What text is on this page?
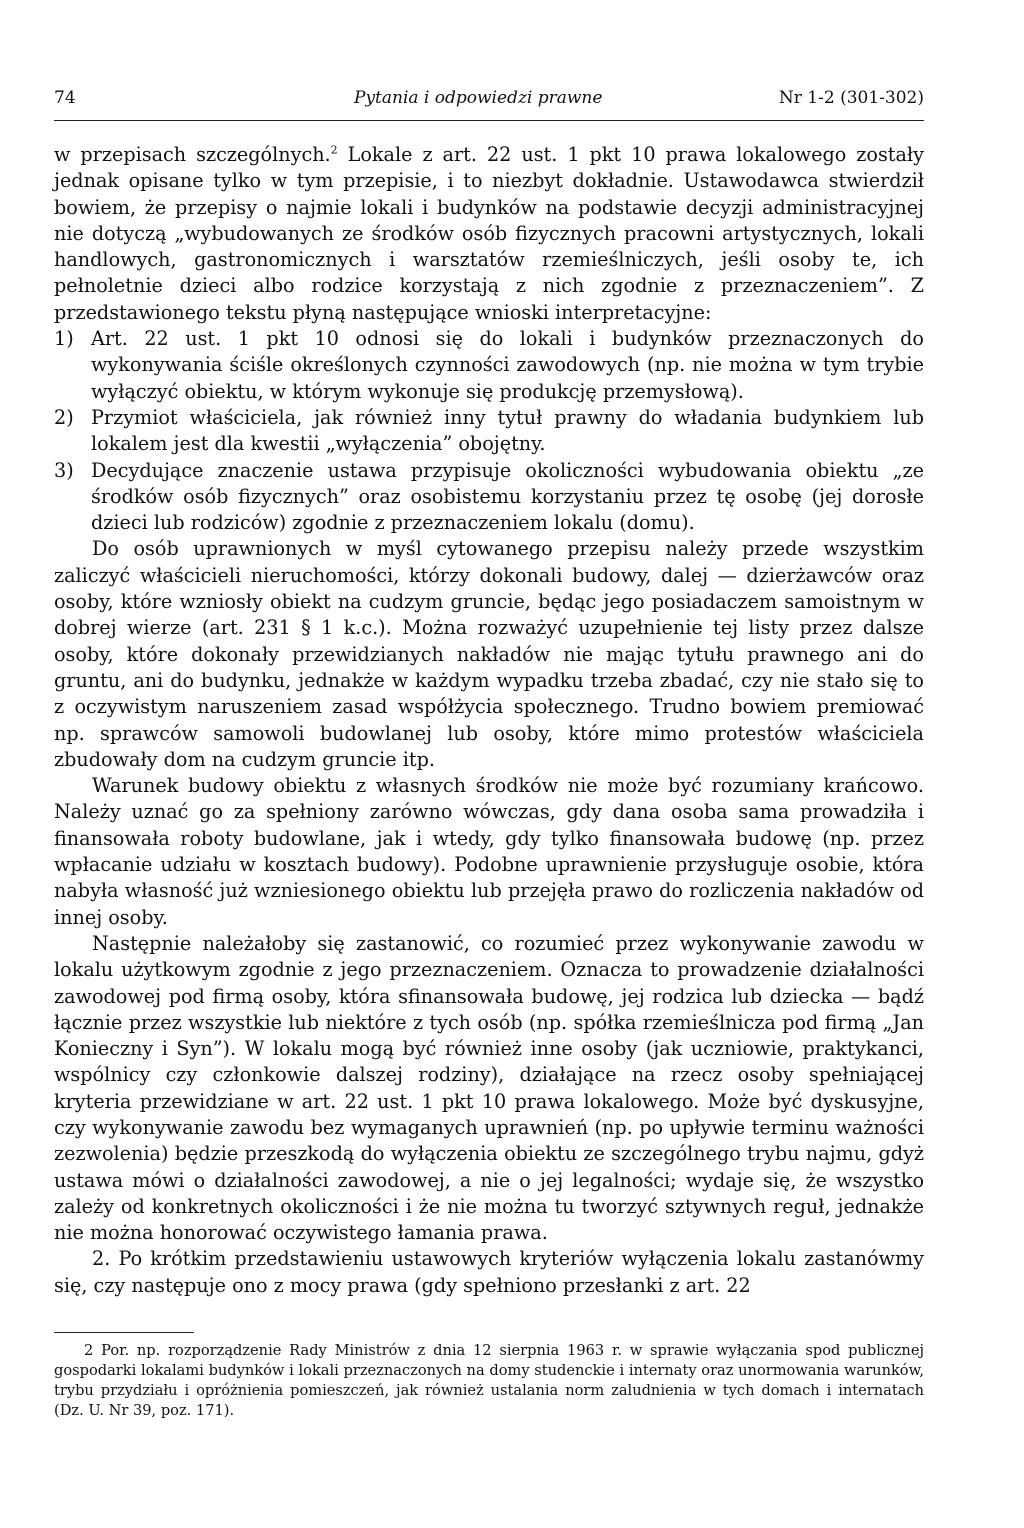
74	Pytania i odpowiedzi prawne	Nr 1-2 (301-302)

w przepisach szczególnych.$^2$ Lokale z art. 22 ust. 1 pkt 10 prawa lokalowego zostały jednak opisane tylko w tym przepisie, i to niezbyt dokładnie. Ustawodawca stwierdził bowiem, że przepisy o najmie lokali i budynków na podstawie decyzji administracyjnej nie dotyczą „wybudowanych ze środków osób fizycznych pracowni artystycznych, lokali handlowych, gastronomicznych i warsztatów rzemieślniczych, jeśli osoby te, ich pełnoletnie dzieci albo rodzice korzystają z nich zgodnie z przeznaczeniem”. Z przedstawionego tekstu płyną następujące wnioski interpretacyjne:

1) Art. 22 ust. 1 pkt 10 odnosi się do lokali i budynków przeznaczonych do wykonywania ściśle określonych czynności zawodowych (np. nie można w tym trybie wyłączyć obiektu, w którym wykonuje się produkcję przemysłową).

2) Przymiot właściciela, jak również inny tytuł prawny do władania budynkiem lub lokalem jest dla kwestii „wyłączenia” obojętny.

3) Decydujące znaczenie ustawa przypisuje okoliczności wybudowania obiektu „ze środków osób fizycznych” oraz osobistemu korzystaniu przez tę osobę (jej dorosłe dzieci lub rodziców) zgodnie z przeznaczeniem lokalu (domu).

Do osób uprawnionych w myśl cytowanego przepisu należy przede wszystkim zaliczyć właścicieli nieruchomości, którzy dokonali budowy, dalej — dzierżawców oraz osoby, które wzniosły obiekt na cudzym gruncie, będąc jego posiadaczem samoistnym w dobrej wierze (art. 231 § 1 k.c.). Można rozważyć uzupełnienie tej listy przez dalsze osoby, które dokonały przewidzianych nakładów nie mając tytułu prawnego ani do gruntu, ani do budynku, jednakże w każdym wypadku trzeba zbadać, czy nie stało się to z oczywistym naruszeniem zasad współżycia społecznego. Trudno bowiem premiować np. sprawców samowoli budowlanej lub osoby, które mimo protestów właściciela zbudowały dom na cudzym gruncie itp.

Warunek budowy obiektu z własnych środków nie może być rozumiany krańcowo. Należy uznać go za spełniony zarówno wówczas, gdy dana osoba sama prowadziła i finansowała roboty budowlane, jak i wtedy, gdy tylko finansowała budowę (np. przez wpłacanie udziału w kosztach budowy). Podobne uprawnienie przysługuje osobie, która nabyła własność już wzniesionego obiektu lub przejęła prawo do rozliczenia nakładów od innej osoby.

Następnie należałoby się zastanowić, co rozumieć przez wykonywanie zawodu w lokalu użytkowym zgodnie z jego przeznaczeniem. Oznacza to prowadzenie działalności zawodowej pod firmą osoby, która sfinansowała budowę, jej rodzica lub dziecka — bądź łącznie przez wszystkie lub niektóre z tych osób (np. spółka rzemieślnicza pod firmą „Jan Konieczny i Syn”). W lokalu mogą być również inne osoby (jak uczniowie, praktykanci, wspólnicy czy członkowie dalszej rodziny), działające na rzecz osoby spełniającej kryteria przewidziane w art. 22 ust. 1 pkt 10 prawa lokalowego. Może być dyskusyjne, czy wykonywanie zawodu bez wymaganych uprawnień (np. po upływie terminu ważności zezwolenia) będzie przeszkodą do wyłączenia obiektu ze szczególnego trybu najmu, gdyż ustawa mówi o działalności zawodowej, a nie o jej legalności; wydaje się, że wszystko zależy od konkretnych okoliczności i że nie można tu tworzyć sztywnych reguł, jednakże nie można honorować oczywistego łamania prawa.

2. Po krótkim przedstawieniu ustawowych kryteriów wyłączenia lokalu zastanówmy się, czy następuje ono z mocy prawa (gdy spełniono przesłanki z art. 22

2 Por. np. rozporządzenie Rady Ministrów z dnia 12 sierpnia 1963 r. w sprawie wyłączania spod publicznej gospodarki lokalami budynków i lokali przeznaczonych na domy studenckie i internaty oraz unormowania warunków, trybu przydziału i opróżnienia pomieszczeń, jak również ustalania norm zaludnienia w tych domach i internatach (Dz. U. Nr 39, poz. 171).
